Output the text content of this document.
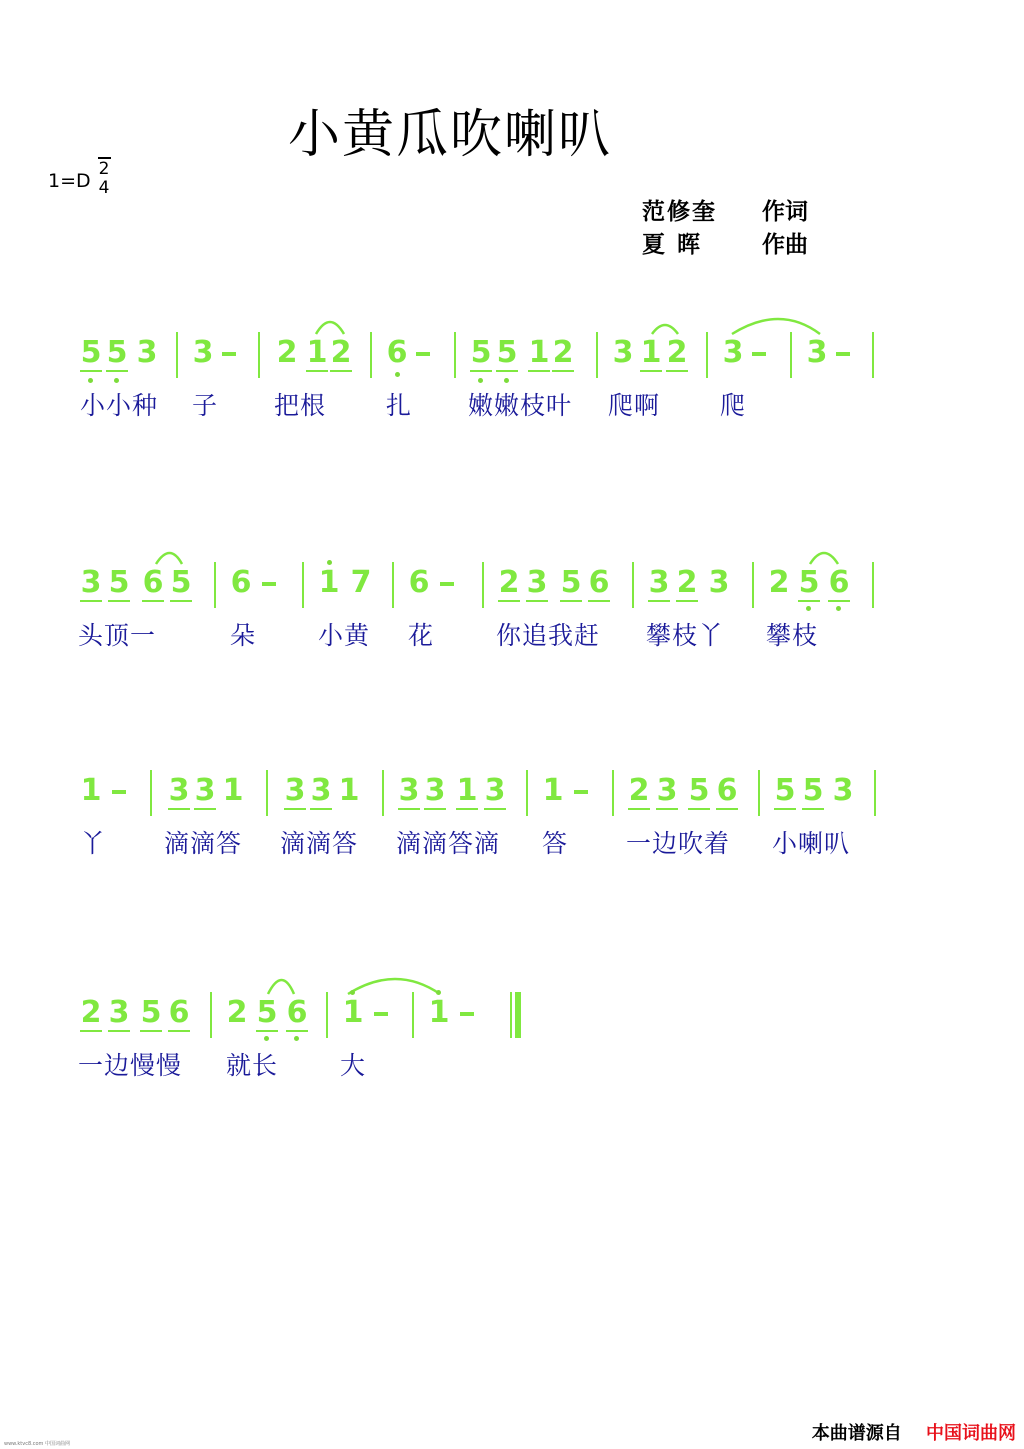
小黄瓜吹喇叭
1=D
2
4
范修奎	作词
夏 晖	作曲
5 5 3 3 2 1 2 6 5 5 1 2 3 1 2 3 3
小小种 子 把根 扎 嫩嫩枝叶 爬啊 爬
3 5 6 5 6 1 7 6 2 3 5 6 3 2 3 2 5 6
头顶一	朵 小黄 花 你追我赶 攀枝丫 攀枝
1 3 3 1 3 3 1 3 3 1 3 1 2 3 5 6 5 5 3
丫 滴滴答 滴滴答 滴滴答滴 答 一边吹着 小喇叭
2 3 5 6 2 5 6 1 1
一边慢慢 就长 大
www.ktvc8.com 中国词曲网	本曲谱源自 中国词曲网
